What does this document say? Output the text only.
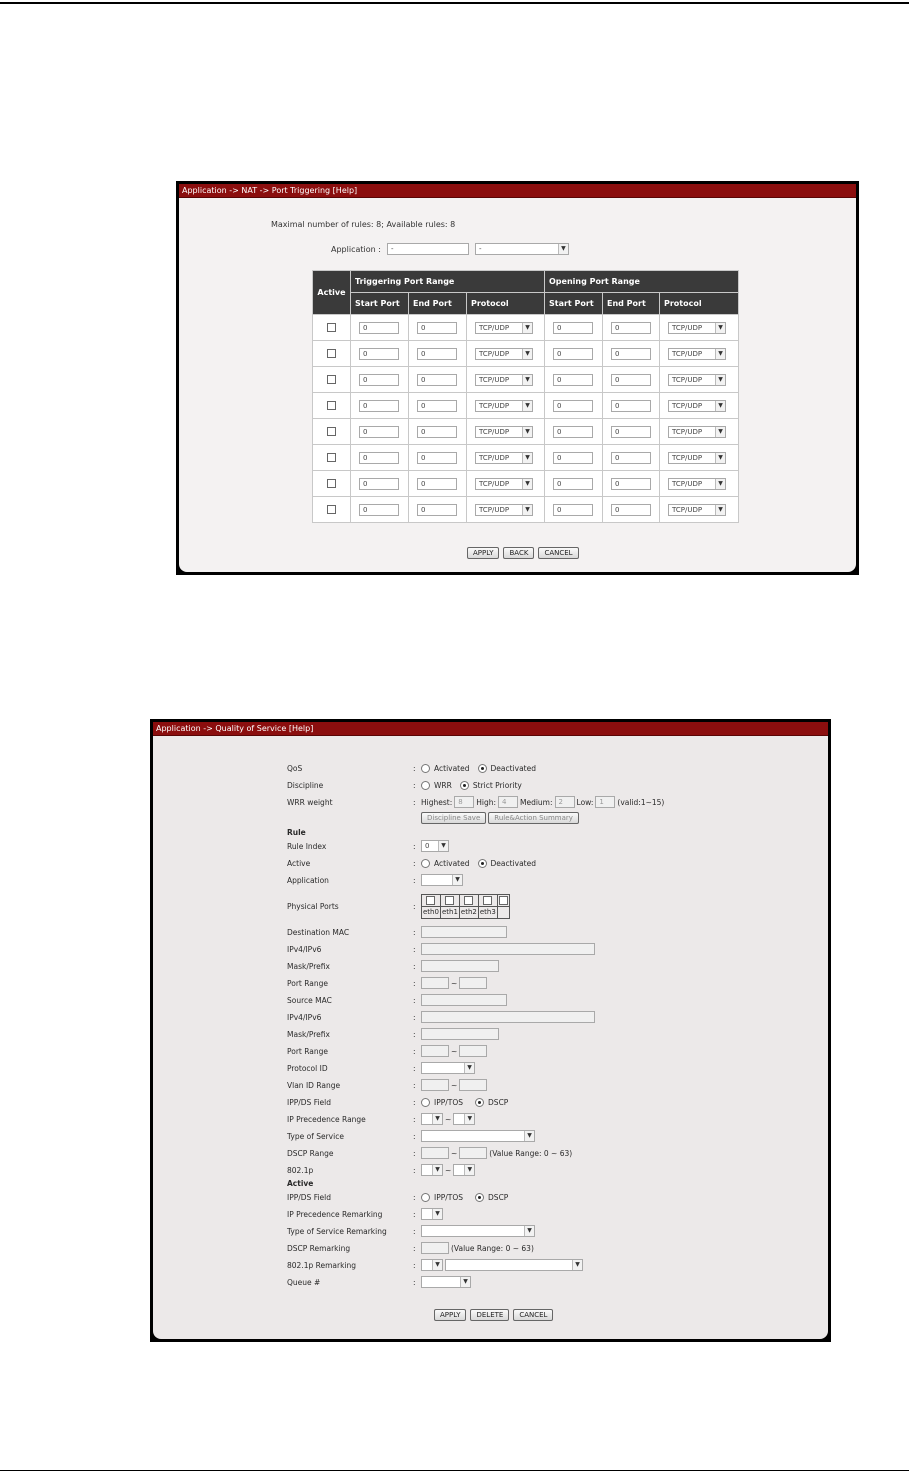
Application -> NAT -> Port Triggering [Help]
Maximal number of rules: 8; Available rules: 8
Application :	-	-	▼
Active	Triggering Port Range			Opening Port Range		
	Start Port	End Port	Protocol	Start Port	End Port	Protocol
	0	0	TCP/UDP ▼	0	0	TCP/UDP ▼

	0	0	TCP/UDP ▼	0	0	TCP/UDP ▼

	0	0	TCP/UDP ▼	0	0	TCP/UDP ▼

	0	0	TCP/UDP ▼	0	0	TCP/UDP ▼

	0	0	TCP/UDP ▼	0	0	TCP/UDP ▼

	0	0	TCP/UDP ▼	0	0	TCP/UDP ▼

	0	0	TCP/UDP ▼	0	0	TCP/UDP ▼

	0	0	TCP/UDP ▼	0	0	TCP/UDP ▼
APPLY	BACK	CANCEL
Application -> Quality of Service [Help]
QoS	: Activated	Deactivated
Discipline	: WRR	Strict Priority
WRR weight	: Highest: 8	High: 4	Medium: 2	Low: 1	(valid:1~15)
Discipline Save	Rule&Action Summary
Rule
Rule Index	: 0	▼
Active	: Activated	Deactivated
Application	:	▼
Physical Ports	:

eth0	eth1	eth2	eth3	
Destination MAC	:
IPv4/IPv6	:
Mask/Prefix	:
Port Range	:	~
Source MAC	:
IPv4/IPv6	:
Mask/Prefix	:
Port Range	:	~
Protocol ID	:	▼
Vlan ID Range	:	~
IPP/DS Field	: IPP/TOS	DSCP
IP Precedence Range	:	▼ ~	▼
Type of Service	:	▼
DSCP Range	:	~	(Value Range: 0 ~ 63)
802.1p	:	▼ ~	▼
Active
IPP/DS Field	: IPP/TOS	DSCP
IP Precedence Remarking	:	▼
Type of Service Remarking	:	▼
DSCP Remarking	:	(Value Range: 0 ~ 63)
802.1p Remarking	:	▼	▼
Queue #	:	▼
APPLY	DELETE	CANCEL
